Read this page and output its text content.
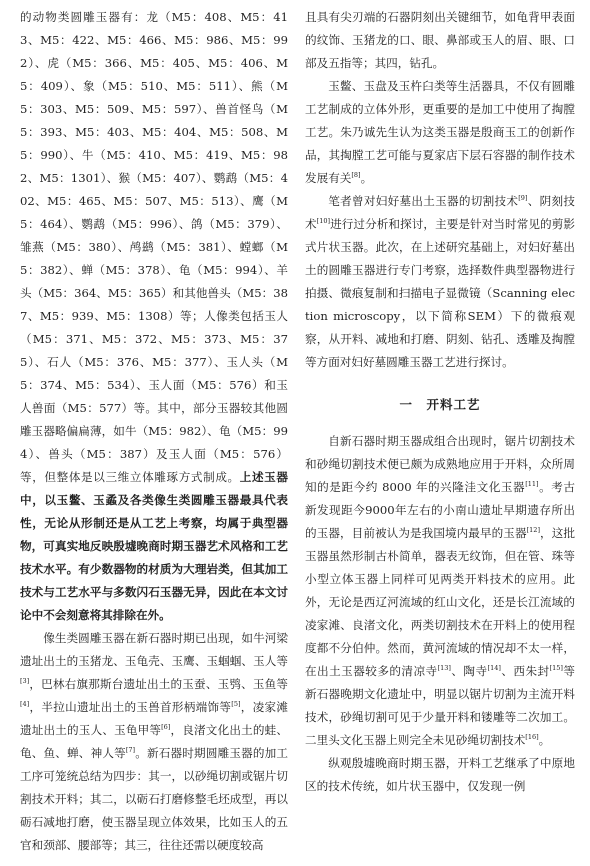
的动物类圆雕玉器有：龙（M5：408、M5：413、M5：422、M5：466、M5：986、M5：992）、虎（M5：366、M5：405、M5：406、M5：409）、象（M5：510、M5：511）、熊（M5：303、M5：509、M5：597）、兽首怪鸟（M5：393、M5：403、M5：404、M5：508、M5：990）、牛（M5：410、M5：419、M5：982、M5：1301）、猴（M5：407）、鹦鹉（M5：402、M5：465、M5：507、M5：513）、鹰（M5：464）、鹦鹉（M5：996）、鸽（M5：379）、雏燕（M5：380）、鸬鹚（M5：381）、螳螂（M5：382）、蝉（M5：378）、龟（M5：994）、羊头（M5：364、M5：365）和其他兽头（M5：387、M5：939、M5：1308）等；人像类包括玉人（M5：371、M5：372、M5：373、M5：375）、石人（M5：376、M5：377）、玉人头（M5：374、M5：534）、玉人面（M5：576）和玉人兽面（M5：577）等。其中，部分玉器较其他圆雕玉器略偏扁薄，如牛（M5：982）、龟（M5：994）、兽头（M5：387）及玉人面（M5：576）等，但整体是以三维立体雕琢方式制成。上述玉器中，以玉鳖、玉蟊及各类像生类圆雕玉器最具代表性，无论从形制还是从工艺上考察，均属于典型器物，可真实地反映殷墟晚商时期玉器艺术风格和工艺技术水平。有少数器物的材质为大理岩类，但其加工技术与工艺水平与多数闪石玉器无异，因此在本文讨论中不会刻意将其排除在外。

像生类圆雕玉器在新石器时期已出现，如牛河梁遗址出土的玉猪龙、玉龟壳、玉鹰、玉蝈蝈、玉人等[3]，巴林右旗那斯台遗址出土的玉蚕、玉鸮、玉鱼等[4]，半拉山遗址出土的玉兽首形柄端饰等[5]，凌家滩遗址出土的玉人、玉龟甲等[6]，良渚文化出土的蛙、龟、鱼、蝉、神人等[7]。新石器时期圆雕玉器的加工工序可笼统总结为四步：其一，以砂绳切割或锯片切割技术开料；其二，以砺石打磨修整毛坯成型，再以砺石减地打磨，使玉器呈现立体效果，比如玉人的五官和颈部、腰部等；其三，往往还需以硬度较高

且具有尖刃端的石器阴刻出关键细节，如龟背甲表面的纹饰、玉猪龙的口、眼、鼻部或玉人的眉、眼、口部及五指等；其四，钻孔。

玉鳖、玉盘及玉杵臼类等生活器具，不仅有圆雕工艺制成的立体外形，更重要的是加工中使用了掏膛工艺。朱乃诚先生认为这类玉器是殷商玉工的创新作品，其掏膛工艺可能与夏家店下层石容器的制作技术发展有关[8]。

笔者曾对妇好墓出土玉器的切割技术[9]、阴刻技术[10]进行过分析和探讨，主要是针对当时常见的剪影式片状玉器。此次，在上述研究基础上，对妇好墓出土的圆雕玉器进行专门考察，选择数件典型器物进行拍摄、微痕复制和扫描电子显微镜（Scanning election microscopy，以下简称SEM）下的微痕观察，从开料、减地和打磨、阴刻、钻孔、透雕及掏膛等方面对妇好墓圆雕玉器工艺进行探讨。

一　开料工艺

自新石器时期玉器成组合出现时，锯片切割技术和砂绳切割技术便已颇为成熟地应用于开料，众所周知的是距今约 8000 年的兴隆洼文化玉器[11]。考古新发现距今9000年左右的小南山遗址早期遗存所出的玉器，目前被认为是我国境内最早的玉器[12]，这批玉器虽然形制古朴简单，器表无纹饰，但在管、珠等小型立体玉器上同样可见两类开料技术的应用。此外，无论是西辽河流域的红山文化，还是长江流域的凌家滩、良渚文化，两类切割技术在开料上的使用程度都不分伯仲。然而，黄河流域的情况却不太一样，在出土玉器较多的清凉寺[13]、陶寺[14]、西朱封[15]等新石器晚期文化遗址中，明显以锯片切割为主流开料技术，砂绳切割可见于少量开料和镂雕等二次加工。二里头文化玉器上则完全未见砂绳切割技术[16]。

纵观殷墟晚商时期玉器，开料工艺继承了中原地区的技术传统，如片状玉器中，仅发现一例
